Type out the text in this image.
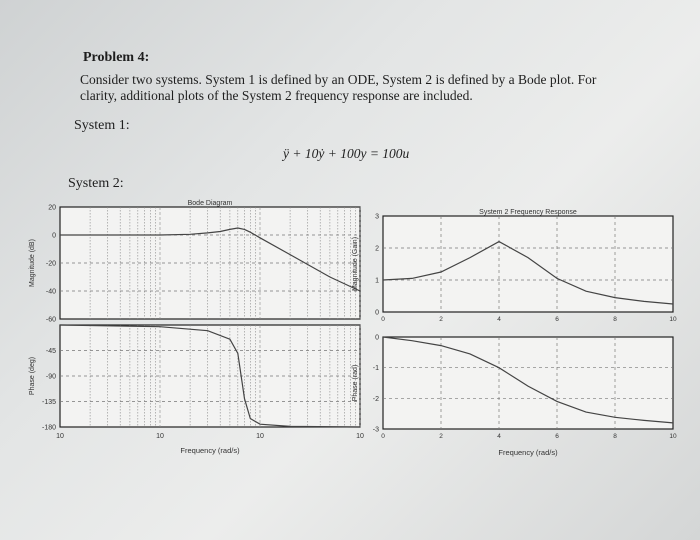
Problem 4:
Consider two systems. System 1 is defined by an ODE, System 2 is defined by a Bode plot. For
clarity, additional plots of the System 2 frequency response are included.
System 1:
ÿ + 10ẏ + 100y = 100u
System 2:
20
0
-20
-40
-60
Bode Diagram
Magnitude (dB)
-45
-90
-135
-180
10	10	10	10
Phase (deg)
Frequency (rad/s)
3
2
1
0
0	2	4	6	8	10
System 2 Frequency Response
Magnitude (Gain)
0
-1
-2
-3
0	2	4	6	8	10
Phase (rad)
Frequency (rad/s)
